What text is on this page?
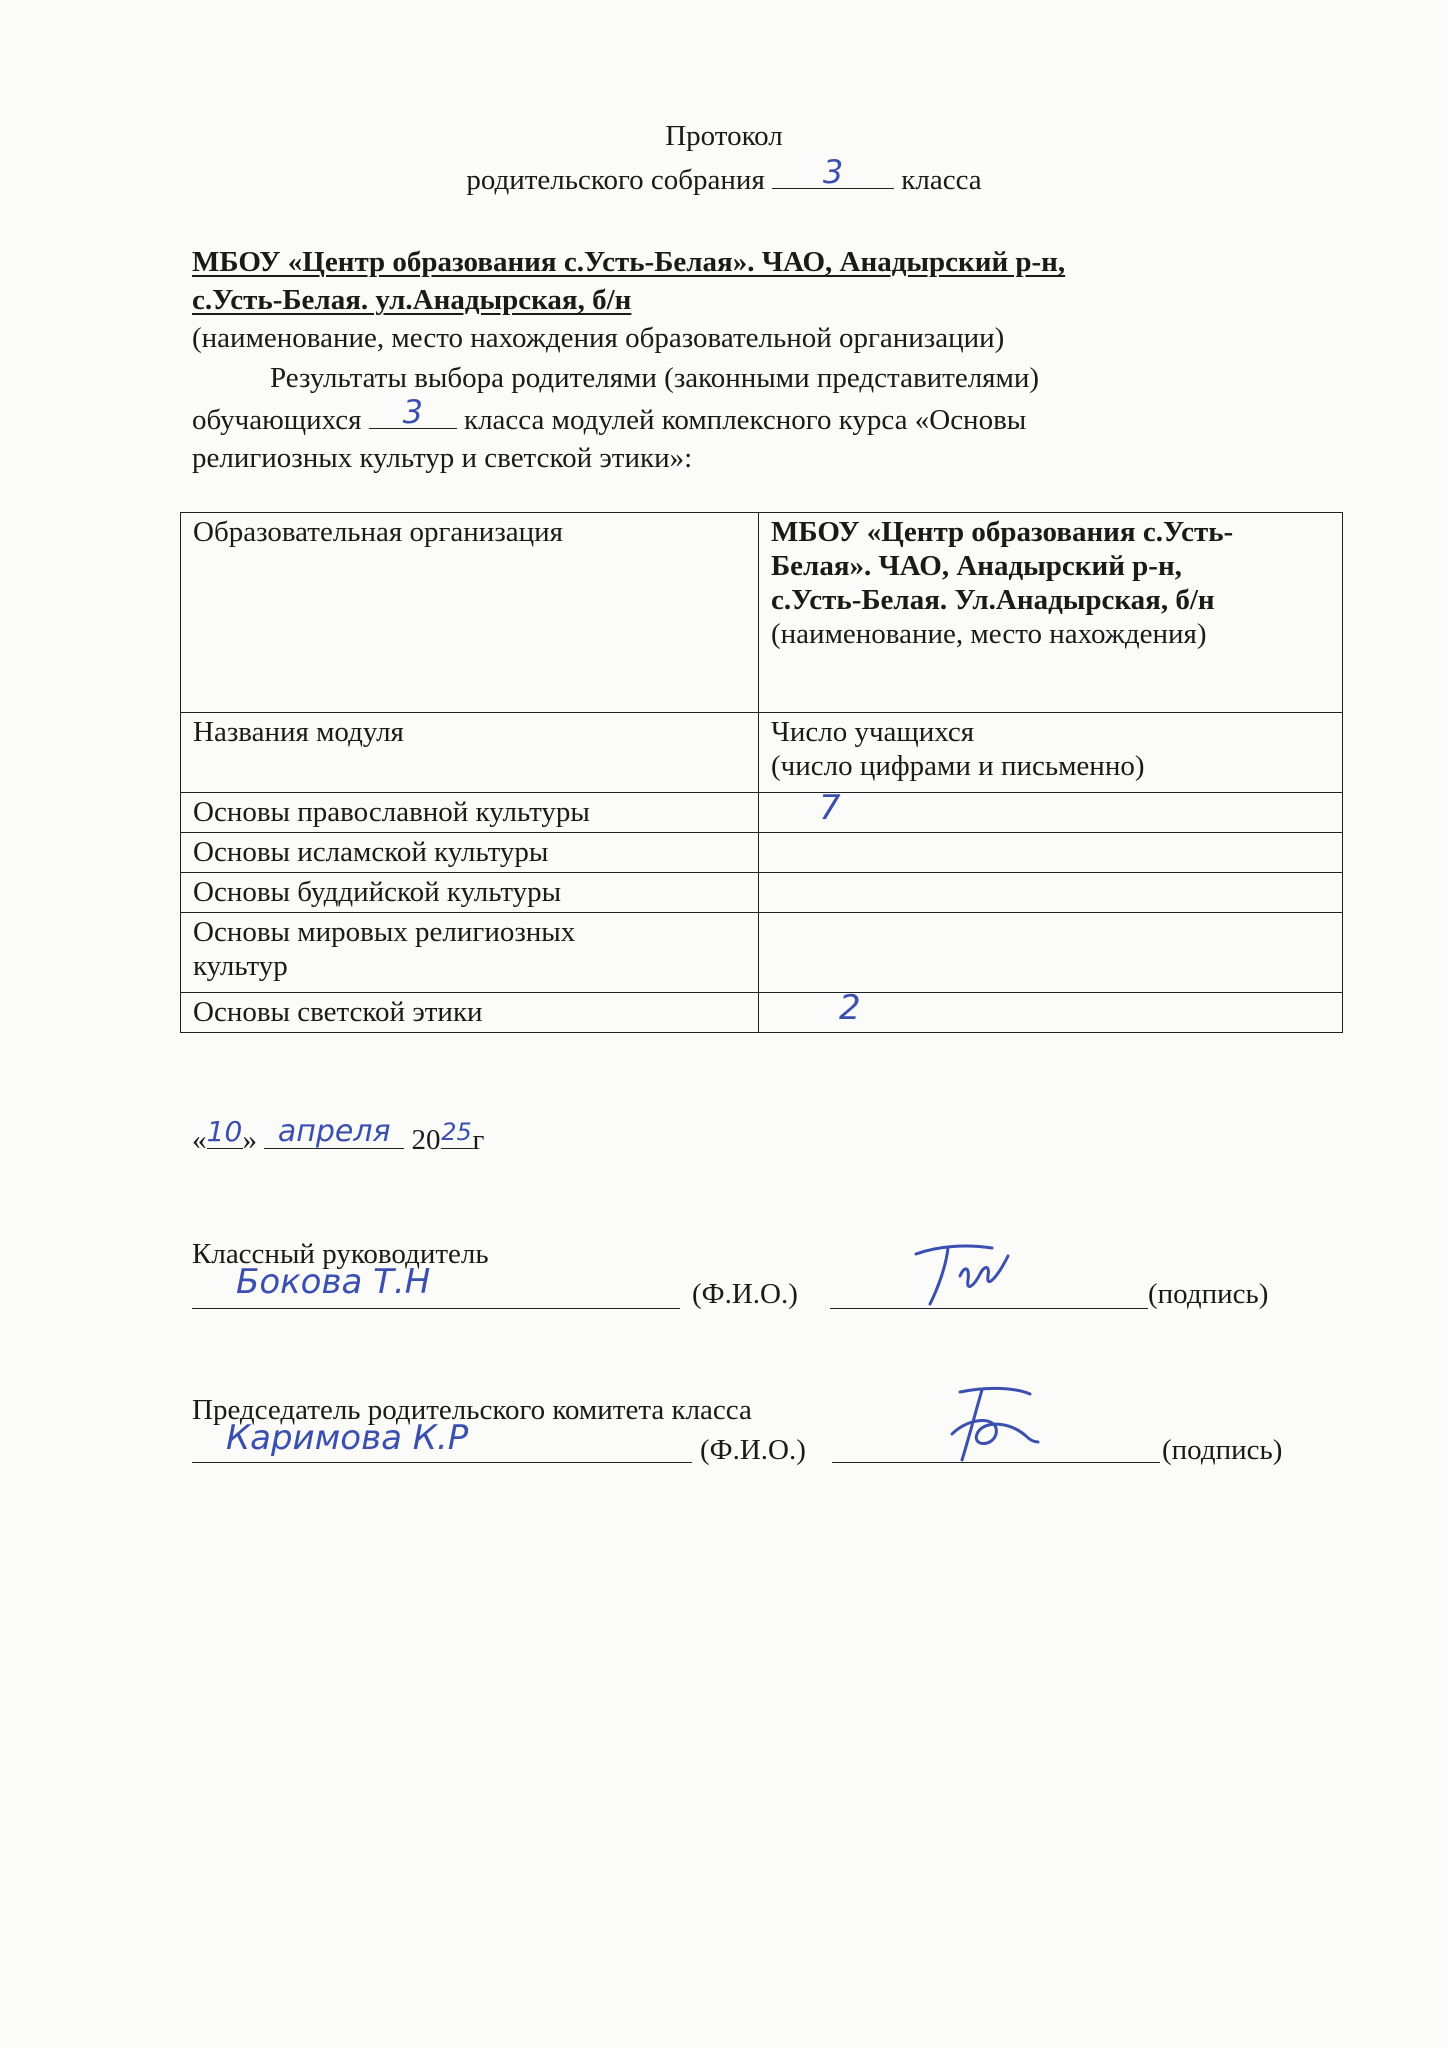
Протокол
родительского собрания	3	класса
МБОУ «Центр образования с.Усть-Белая». ЧАО, Анадырский р-н,
с.Усть-Белая. ул.Анадырская, б/н
(наименование, место нахождения образовательной организации)
Результаты выбора родителями (законными представителями)
обучающихся	3	класса модулей комплексного курса «Основы
религиозных культур и светской этики»:
Образовательная организация	МБОУ «Центр образования с.Усть-
Белая». ЧАО, Анадырский р-н,
с.Усть-Белая. Ул.Анадырская, б/н
(наименование, место нахождения)

Названия модуля	Число учащихся
(число цифрами и письменно)

Основы православной культуры	7

Основы исламской культуры	

Основы буддийской культуры	

Основы мировых религиозных
культур	

Основы светской этики	2
« 10 » апреля 20 25 г
Классный руководитель
Бокова Т.Н	(Ф.И.О.)	(подпись)
Председатель родительского комитета класса
Каримова К.Р	(Ф.И.О.)	(подпись)
